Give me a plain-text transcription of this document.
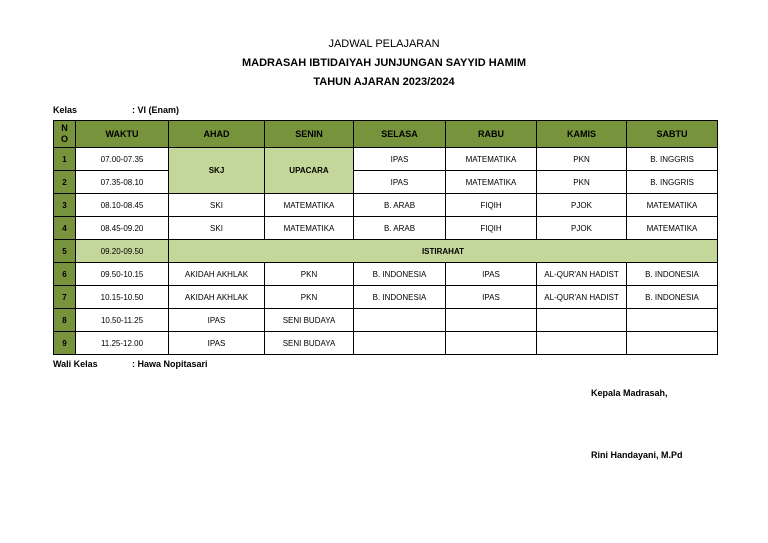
JADWAL PELAJARAN
MADRASAH IBTIDAIYAH JUNJUNGAN SAYYID HAMIM
TAHUN AJARAN 2023/2024
Kelas	: VI (Enam)
N
O	WAKTU	AHAD	SENIN	SELASA	RABU	KAMIS	SABTU
1	07.00-07.35	SKJ	UPACARA	IPAS	MATEMATIKA	PKN	B. INGGRIS
2	07.35-08.10			IPAS	MATEMATIKA	PKN	B. INGGRIS
3	08.10-08.45	SKI	MATEMATIKA	B. ARAB	FIQIH	PJOK	MATEMATIKA
4	08.45-09.20	SKI	MATEMATIKA	B. ARAB	FIQIH	PJOK	MATEMATIKA
5	09.20-09.50	ISTIRAHAT					
6	09.50-10.15	AKIDAH AKHLAK	PKN	B. INDONESIA	IPAS	AL-QUR'AN HADIST	B. INDONESIA
7	10.15-10.50	AKIDAH AKHLAK	PKN	B. INDONESIA	IPAS	AL-QUR'AN HADIST	B. INDONESIA
8	10.50-11.25	IPAS	SENI BUDAYA				
9	11.25-12.00	IPAS	SENI BUDAYA				
Wali Kelas	: Hawa Nopitasari
Kepala Madrasah,
Rini Handayani, M.Pd
